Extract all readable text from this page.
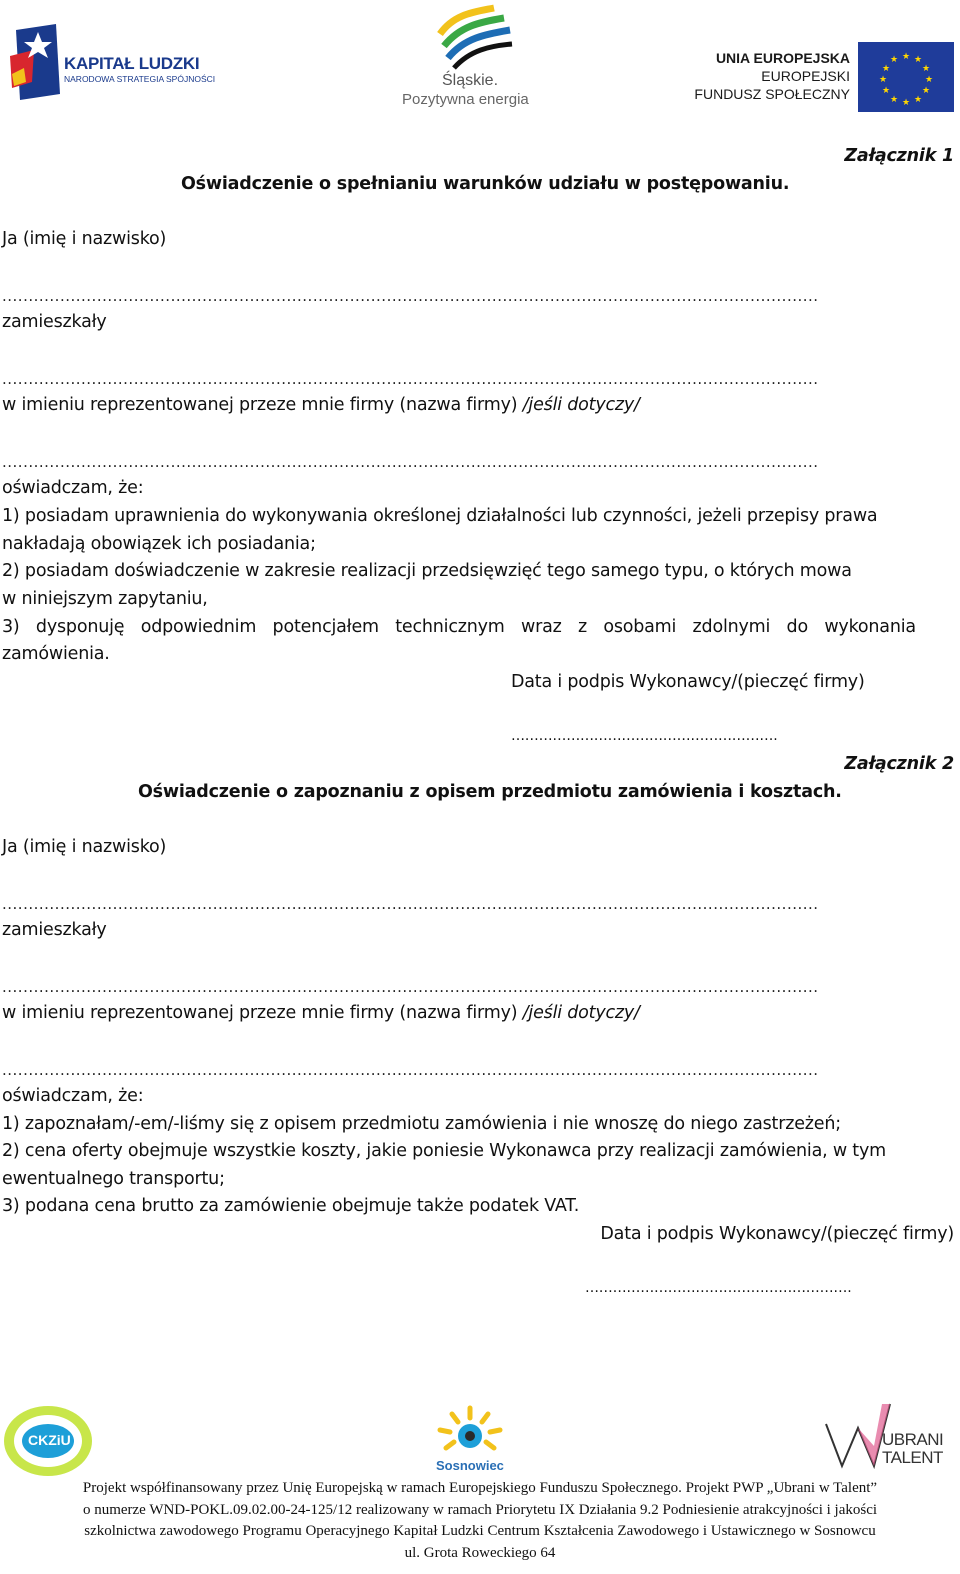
KAPITAŁ LUDZKI
NARODOWA STRATEGIA SPÓJNOŚCI	Śląskie.
Pozytywna energia
UNIA EUROPEJSKA
EUROPEJSKI
FUNDUSZ SPOŁECZNY
★ ★
★
★
★
★
★
★
★
★
★
★
Załącznik 1
Oświadczenie o spełnianiu warunków udziału w postępowaniu.
Ja (imię i nazwisko)
...........................................................................................................................................................
zamieszkały
...........................................................................................................................................................
w imieniu reprezentowanej przeze mnie firmy (nazwa firmy) /jeśli dotyczy/
...........................................................................................................................................................
oświadczam, że:
1) posiadam uprawnienia do wykonywania określonej działalności lub czynności, jeżeli przepisy prawa
nakładają obowiązek ich posiadania;
2) posiadam doświadczenie w zakresie realizacji przedsięwzięć tego samego typu, o których mowa
w niniejszym zapytaniu,
3) dysponuję odpowiednim potencjałem technicznym wraz z osobami zdolnymi do wykonania
zamówienia.
Data i podpis Wykonawcy/(pieczęć firmy)
………………………………………………….
Załącznik 2
Oświadczenie o zapoznaniu z opisem przedmiotu zamówienia i kosztach.
Ja (imię i nazwisko)
...........................................................................................................................................................
zamieszkały
...........................................................................................................................................................
w imieniu reprezentowanej przeze mnie firmy (nazwa firmy) /jeśli dotyczy/
...........................................................................................................................................................
oświadczam, że:
1) zapoznałam/-em/-liśmy się z opisem przedmiotu zamówienia i nie wnoszę do niego zastrzeżeń;
2) cena oferty obejmuje wszystkie koszty, jakie poniesie Wykonawca przy realizacji zamówienia, w tym
ewentualnego transportu;
3) podana cena brutto za zamówienie obejmuje także podatek VAT.
Data i podpis Wykonawcy/(pieczęć firmy)
………………………………………………….
CKZiU
Sosnowiec
UBRANI
TALENT
Projekt współfinansowany przez Unię Europejską w ramach Europejskiego Funduszu Społecznego. Projekt PWP „Ubrani w Talent”
o numerze WND-POKL.09.02.00-24-125/12 realizowany w ramach Priorytetu IX Działania 9.2 Podniesienie atrakcyjności i jakości
szkolnictwa zawodowego Programu Operacyjnego Kapitał Ludzki Centrum Kształcenia Zawodowego i Ustawicznego w Sosnowcu
ul. Grota Roweckiego 64
